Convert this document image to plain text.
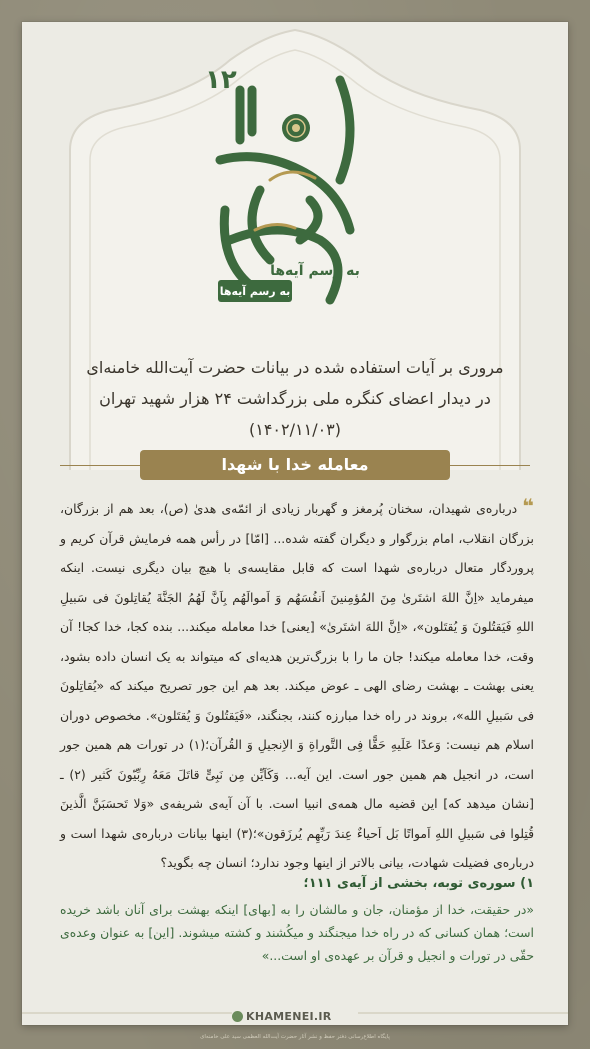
١٢
به رسم آیه‌ها
به رسم آیه‌ها
مروری بر آیات استفاده شده در بیانات حضرت آیت‌الله خامنه‌ای
در دیدار اعضای کنگره ملی بزرگداشت ۲۴ هزار شهید تهران
(۱۴۰۲/۱۱/۰۳)
معامله خدا با شهدا
❝ درباره‌ی شهیدان، سخنان پُرمغز و گهربار زیادی از ائمّه‌ی هدیٰ (ص)، بعد هم از بزرگان، بزرگان انقلاب، امام بزرگوار و دیگران گفته شده... [امّا] در رأس همه فرمایش قرآن کریم و پروردگار متعال درباره‌ی شهدا است که قابل مقایسه‌ی با هیچ بیان دیگری نیست. اینکه میفرماید «اِنَّ اللهَ اشتَریٰ مِنَ المُؤمِنینَ اَنفُسَهُم وَ اَموالَهُم بِاَنَّ لَهُمُ الجَنَّةَ یُقاتِلونَ فی سَبیلِ اللهِ فَیَقتُلونَ وَ یُقتَلون»، «اِنَّ اللهَ اشتَریٰ» [یعنی] خدا معامله میکند... بنده کجا، خدا کجا! آن وقت، خدا معامله میکند! جان ما را با بزرگ‌ترین هدیه‌ای که میتواند به یک انسان داده بشود، یعنی بهشت ـ بهشت رضای الهی ـ عوض میکند. بعد هم این جور تصریح میکند که «یُقاتِلونَ فی سَبیلِ الله»، بروند در راه خدا مبارزه کنند، بجنگند، «فَیَقتُلونَ وَ یُقتَلون». مخصوص دوران اسلام هم نیست: وَعدًا عَلَیهِ حَقًّا فِی التَّوراةِ وَ الاِنجیلِ وَ القُرآن؛(۱) در تورات هم همین جور است، در انجیل هم همین جور است. این آیه... وَکَاَیِّن مِن نَبِیٍّ قاتَلَ مَعَهُ رِبِّیّونَ کَثیر (۲) ـ [نشان میدهد که] این قضیه مال همه‌ی انبیا است. با آن آیه‌ی شریفه‌ی «وَلا تَحسَبَنَّ الَّذینَ قُتِلوا فی سَبیلِ اللهِ اَمواتًا بَل اَحیاءٌ عِندَ رَبِّهِم یُرزَقون»؛(۳) اینها بیانات درباره‌ی شهدا است و درباره‌ی فضیلت شهادت، بیانی بالاتر از اینها وجود ندارد؛ انسان چه بگوید؟
۱) سوره‌ی توبه، بخشی از آیه‌ی ۱۱۱؛
«در حقیقت، خدا از مؤمنان، جان و مالشان را به [بهای] اینکه بهشت برای آنان باشد خریده است؛ همان کسانی که در راه خدا میجنگند و میکُشند و کشته میشوند. [این] به عنوان وعده‌ی حقّی در تورات و انجیل و قرآن بر عهده‌ی او است...»
KHAMENEI.IR
پایگاه اطلاع‌رسانی دفتر حفظ و نشر آثار حضرت آیت‌الله العظمی سید علی خامنه‌ای
